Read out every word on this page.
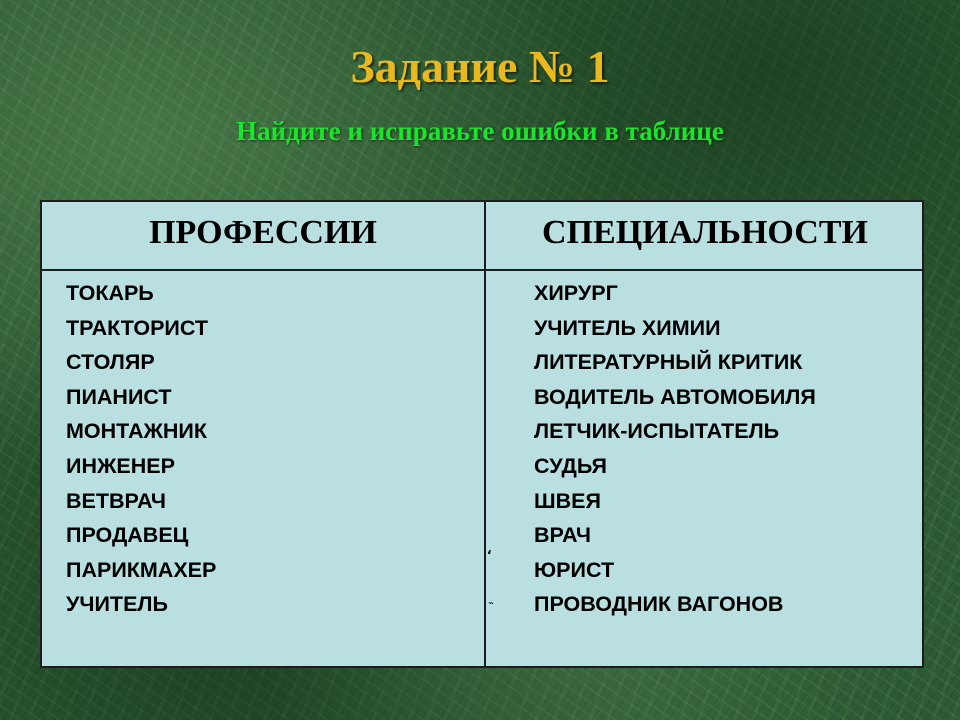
Задание № 1
Найдите и исправьте ошибки в таблице
ПРОФЕССИИ	СПЕЦИАЛЬНОСТИ
ТОКАРЬ
ТРАКТОРИСТ
СТОЛЯР
ПИАНИСТ
МОНТАЖНИК
ИНЖЕНЕР
ВЕТВРАЧ
ПРОДАВЕЦ
ПАРИКМАХЕР
УЧИТЕЛЬ
ХИРУРГ
УЧИТЕЛЬ ХИМИИ
ЛИТЕРАТУРНЫЙ КРИТИК
ВОДИТЕЛЬ АВТОМОБИЛЯ
ЛЕТЧИК-ИСПЫТАТЕЛЬ
СУДЬЯ
ШВЕЯ
ВРАЧ
ЮРИСТ
ПРОВОДНИК ВАГОНОВ
،
˵
